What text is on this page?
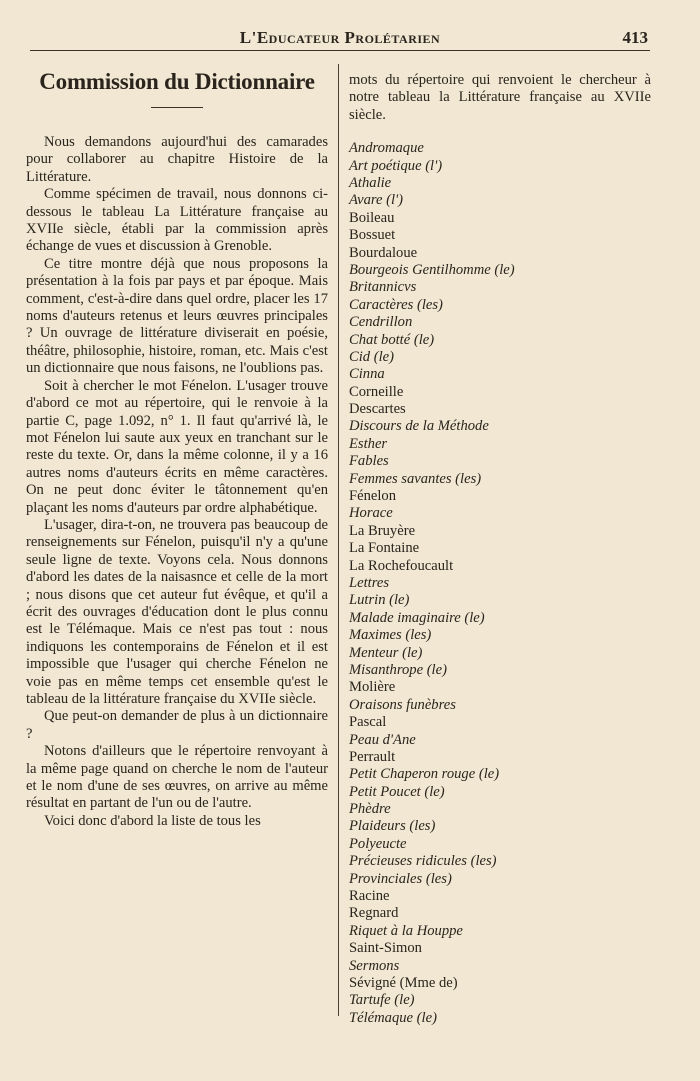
L'Educateur Prolétarien	413
Commission du Dictionnaire

Nous demandons aujourd'hui des camarades pour collaborer au chapitre Histoire de la Littérature.

Comme spécimen de travail, nous donnons ci-dessous le tableau La Littérature française au XVIIe siècle, établi par la commission après échange de vues et discussion à Grenoble.

Ce titre montre déjà que nous proposons la présentation à la fois par pays et par époque. Mais comment, c'est-à-dire dans quel ordre, placer les 17 noms d'auteurs retenus et leurs œuvres principales ? Un ouvrage de littérature diviserait en poésie, théâtre, philosophie, histoire, roman, etc. Mais c'est un dictionnaire que nous faisons, ne l'oublions pas.

Soit à chercher le mot Fénelon. L'usager trouve d'abord ce mot au répertoire, qui le renvoie à la partie C, page 1.092, n° 1. Il faut qu'arrivé là, le mot Fénelon lui saute aux yeux en tranchant sur le reste du texte. Or, dans la même colonne, il y a 16 autres noms d'auteurs écrits en même caractères. On ne peut donc éviter le tâtonnement qu'en plaçant les noms d'auteurs par ordre alphabétique.

L'usager, dira-t-on, ne trouvera pas beaucoup de renseignements sur Fénelon, puisqu'il n'y a qu'une seule ligne de texte. Voyons cela. Nous donnons d'abord les dates de la naisasnce et celle de la mort ; nous disons que cet auteur fut évêque, et qu'il a écrit des ouvrages d'éducation dont le plus connu est le Télémaque. Mais ce n'est pas tout : nous indiquons les contemporains de Fénelon et il est impossible que l'usager qui cherche Fénelon ne voie pas en même temps cet ensemble qu'est le tableau de la littérature française du XVIIe siècle.

Que peut-on demander de plus à un dictionnaire ?

Notons d'ailleurs que le répertoire renvoyant à la même page quand on cherche le nom de l'auteur et le nom d'une de ses œuvres, on arrive au même résultat en partant de l'un ou de l'autre.

Voici donc d'abord la liste de tous les

mots du répertoire qui renvoient le chercheur à notre tableau la Littérature française au XVIIe siècle.

Andromaque
Art poétique (l')
Athalie
Avare (l')
Boileau
Bossuet
Bourdaloue
Bourgeois Gentilhomme (le)
Britannicvs
Caractères (les)
Cendrillon
Chat botté (le)
Cid (le)
Cinna
Corneille
Descartes
Discours de la Méthode
Esther
Fables
Femmes savantes (les)
Fénelon
Horace
La Bruyère
La Fontaine
La Rochefoucault
Lettres
Lutrin (le)
Malade imaginaire (le)
Maximes (les)
Menteur (le)
Misanthrope (le)
Molière
Oraisons funèbres
Pascal
Peau d'Ane
Perrault
Petit Chaperon rouge (le)
Petit Poucet (le)
Phèdre
Plaideurs (les)
Polyeucte
Précieuses ridicules (les)
Provinciales (les)
Racine
Regnard
Riquet à la Houppe
Saint-Simon
Sermons
Sévigné (Mme de)
Tartufe (le)
Télémaque (le)
